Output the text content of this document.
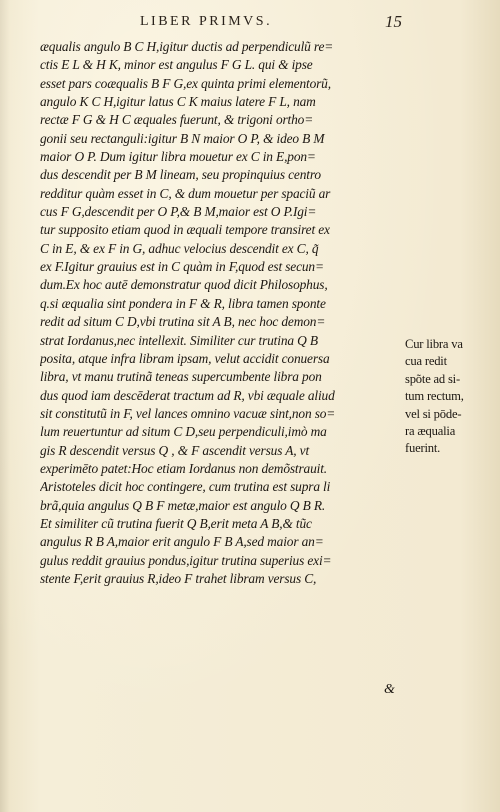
LIBER PRIMVS.	15
æqualis angulo B C H,igitur ductis ad perpendiculũ re=
ctis E L & H K, minor est angulus F G L. qui & ipse
esset pars coæqualis B F G,ex quinta primi elementorũ,
angulo K C H,igitur latus C K maius latere F L, nam
rectæ F G & H C æquales fuerunt, & trigoni ortho=
gonii seu rectanguli:igitur B N maior O P, & ideo B M
maior O P. Dum igitur libra mouetur ex C in E,pon=
dus descendit per B M lineam, seu propinquius centro
redditur quàm esset in C, & dum mouetur per spaciũ ar
cus F G,descendit per O P,& B M,maior est O P.Igi=
tur supposito etiam quod in æquali tempore transiret ex
C in E, & ex F in G, adhuc velocius descendit ex C, q̃
ex F.Igitur grauius est in C quàm in F,quod est secun=
dum.Ex hoc autē demonstratur quod dicit Philosophus,
q.si æqualia sint pondera in F & R, libra tamen sponte
redit ad situm C D,vbi trutina sit A B, nec hoc demon=
strat Iordanus,nec intellexit. Similiter cur trutina Q B
posita, atque infra libram ipsam, velut accidit conuersa
libra, vt manu trutinã teneas supercumbente libra pon
dus quod iam descēderat tractum ad R, vbi æquale aliud
sit constitutũ in F, vel lances omnino vacuæ sint,non so=
lum reuertuntur ad situm C D,seu perpendiculi,imò ma
gis R descendit versus Q , & F ascendit versus A, vt
experimēto patet:Hoc etiam Iordanus non demõstrauit.
Aristoteles dicit hoc contingere, cum trutina est supra li
brã,quia angulus Q B F metæ,maior est angulo Q B R.
Et similiter cũ trutina fuerit Q B,erit meta A B,& tũc
angulus R B A,maior erit angulo F B A,sed maior an=
gulus reddit grauius pondus,igitur trutina superius exi=
stente F,erit grauius R,ideo F trahet libram versus C,
Cur libra va
cua redit
spõte ad si-
tum rectum,
vel si pōde-
ra æqualia
fuerint.
&
